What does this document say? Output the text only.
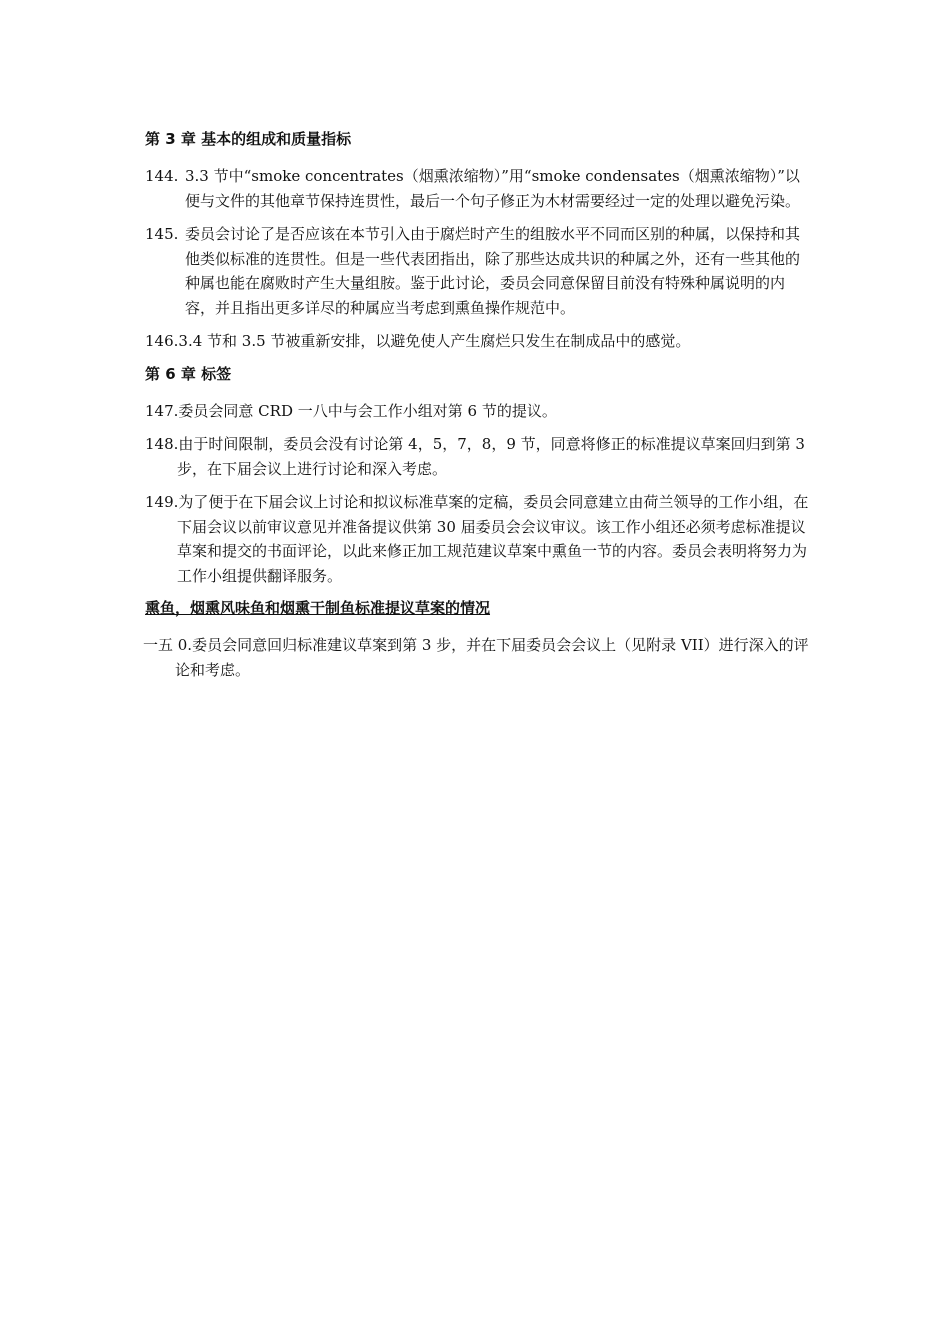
第 3 章 基本的组成和质量指标
144. 3.3 节中“smoke concentrates（烟熏浓缩物）”用“smoke condensates（烟熏浓缩物）”以便与文件的其他章节保持连贯性，最后一个句子修正为木材需要经过一定的处理以避免污染。
145. 委员会讨论了是否应该在本节引入由于腐烂时产生的组胺水平不同而区别的种属，以保持和其他类似标准的连贯性。但是一些代表团指出，除了那些达成共识的种属之外，还有一些其他的种属也能在腐败时产生大量组胺。鉴于此讨论，委员会同意保留目前没有特殊种属说明的内容，并且指出更多详尽的种属应当考虑到熏鱼操作规范中。
146.3.4 节和 3.5 节被重新安排，以避免使人产生腐烂只发生在制成品中的感觉。
第 6 章 标签
147.委员会同意 CRD 一八中与会工作小组对第 6 节的提议。
148.由于时间限制，委员会没有讨论第 4，5，7，8，9 节，同意将修正的标准提议草案回归到第 3 步，在下届会议上进行讨论和深入考虑。
149.为了便于在下届会议上讨论和拟议标准草案的定稿，委员会同意建立由荷兰领导的工作小组，在下届会议以前审议意见并准备提议供第 30 届委员会会议审议。该工作小组还必须考虑标准提议草案和提交的书面评论，以此来修正加工规范建议草案中熏鱼一节的内容。委员会表明将努力为工作小组提供翻译服务。
熏鱼，烟熏风味鱼和烟熏干制鱼标准提议草案的情况
一五 0.委员会同意回归标准建议草案到第 3 步，并在下届委员会会议上（见附录 VII）进行深入的评论和考虑。
